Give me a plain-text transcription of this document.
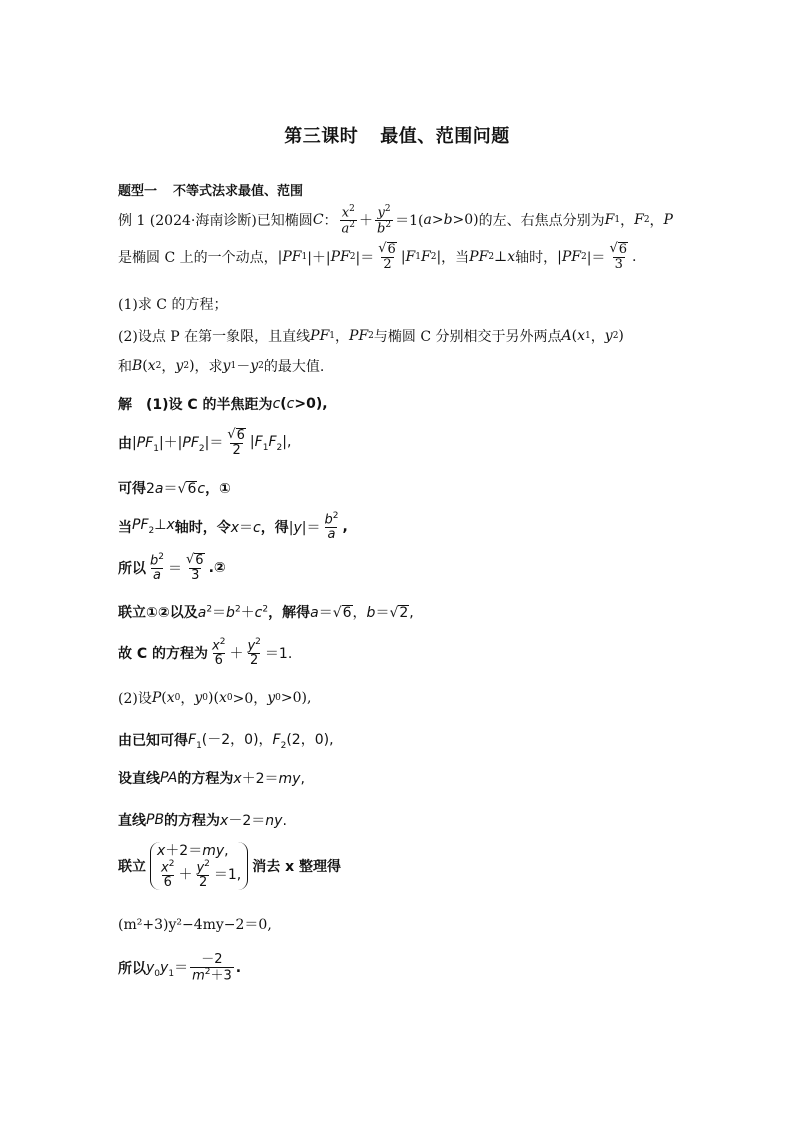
第三课时 最值、范围问题
题型一 不等式法求最值、范围
例 1 (2024·海南诊断)已知椭圆 C ： $\frac{x^2}{a^2} + \frac{y^2}{b^2} =1$( a > b >0) 的左、右焦点分别为 F 1 ， F 2 ， P
是椭圆 C 上的一个动点， | PF 1 |＋| PF 2 |＝ $\frac{√ 6}{2}$ | F 1 F 2 | ，当 PF 2 ⊥ x 轴时， | PF 2 |＝ $\frac{√ 6}{3}$ .
(1)求 C 的方程；
(2)设点 P 在第一象限，且直线 PF 1 ， PF 2 与椭圆 C 分别相交于另外两点 A ( x 1 ， y 2 )
和 B ( x 2 ， y 2 ) ，求 y 1 － y 2 的最大值.
解　(1)设 C 的半焦距为 c ( c >0),
由 $|PF_1|+|PF_2|= \frac{√ 6}{2} |F_1F_2|$,
可得 2a＝√ 6 c ，①
当 $PF_2\perp x$ 轴时，令 x＝c ，得 $|y|= \frac{b^2}{a}$ ,
所以 $\frac{b^2}{a} = \frac{√ 6}{3}$ .②
联立①②以及 $a^2=b^2+c^2$ ，解得 a＝√ 6 ，b＝√ 2 ,
故 C 的方程为 $\frac{x^2}{6} + \frac{y^2}{2} =1$.
(2)设 P ( x 0 ， y 0 )( x 0 >0， y 0 >0),
由已知可得 $F_1(-2$，0)，$F_2(2$，0),
设直线 PA 的方程为 x＋2＝my,
直线 PB 的方程为 x－2＝ny.
联立
x ＋2＝ my ,
$\frac{x^2}{6} + \frac{y^2}{2} =1$, 消去 x 整理得
(m²+3)y²−4my−2＝0,
所以 $y_0y_1= \frac{-2}{m^2+3}$ .
